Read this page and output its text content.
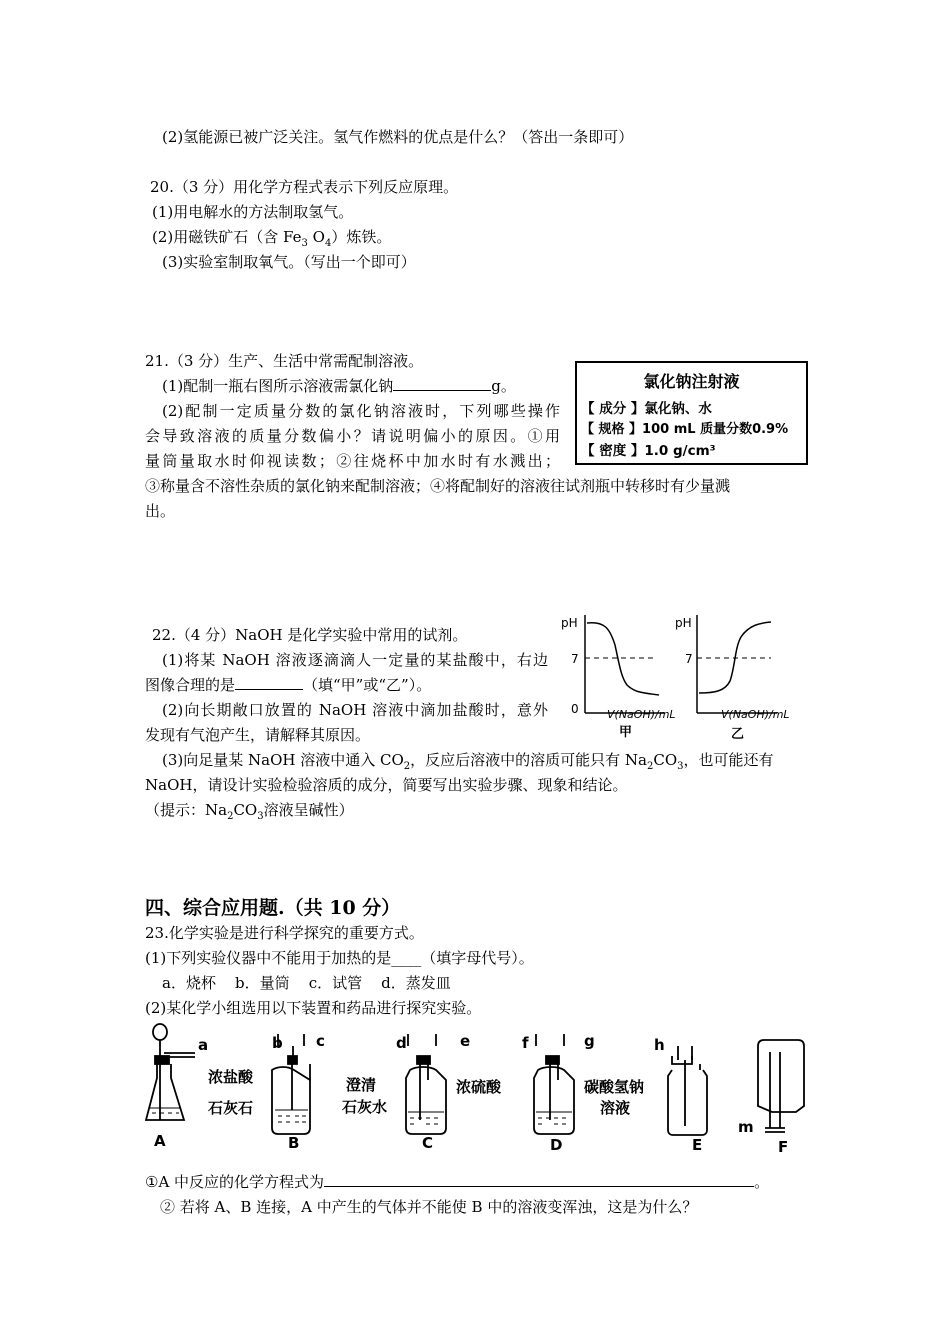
(2)氢能源已被广泛关注。氢气作燃料的优点是什么？（答出一条即可）
20.（3 分）用化学方程式表示下列反应原理。
(1)用电解水的方法制取氢气。
(2)用磁铁矿石（含 $Fe_3$ $O_4$）炼铁。
(3)实验室制取氧气。（写出一个即可）
21.（3 分）生产、生活中常需配制溶液。
(1)配制一瓶右图所示溶液需氯化钠	g。
(2)配制一定质量分数的氯化钠溶液时，下列哪些操作
会导致溶液的质量分数偏小？请说明偏小的原因。①用
量筒量取水时仰视读数；②往烧杯中加水时有水溅出；
③称量含不溶性杂质的氯化钠来配制溶液；④将配制好的溶液往试剂瓶中转移时有少量溅
出。
氯化钠注射液
【 成分 】氯化钠、水
【 规格 】100 mL 质量分数0.9%
【 密度 】1.0 g/cm³
22.（4 分）NaOH 是化学实验中常用的试剂。
(1)将某 NaOH 溶液逐滴滴人一定量的某盐酸中，右边
图像合理的是	（填“甲”或“乙”）。
(2)向长期敞口放置的 NaOH 溶液中滴加盐酸时，意外
发现有气泡产生，请解释其原因。
(3)向足量某 NaOH 溶液中通入 $CO_2$，反应后溶液中的溶质可能只有 $Na_2CO_3$，也可能还有
NaOH，请设计实验检验溶质的成分，简要写出实验步骤、现象和结论。
（提示：$Na_2CO_3$溶液呈碱性）
pH
7
0	V(NaOH)/mL
甲
pH
7
V(NaOH)/mL
乙
四、综合应用题.（共 10 分）
23.化学实验是进行科学探究的重要方式。
(1)下列实验仪器中不能用于加热的是____（填字母代号）。
a．烧杯    b．量筒    c．试管    d．蒸发皿
(2)某化学小组选用以下装置和药品进行探究实验。
a
浓盐酸
石灰石
A
b c
澄清
石灰水
B
d	e
浓硫酸
C
f	g
碳酸氢钠
溶液
D
h
E
m
F
①A 中反应的化学方程式为	。
② 若将 A、B 连接，A 中产生的气体并不能使 B 中的溶液变浑浊，这是为什么？
